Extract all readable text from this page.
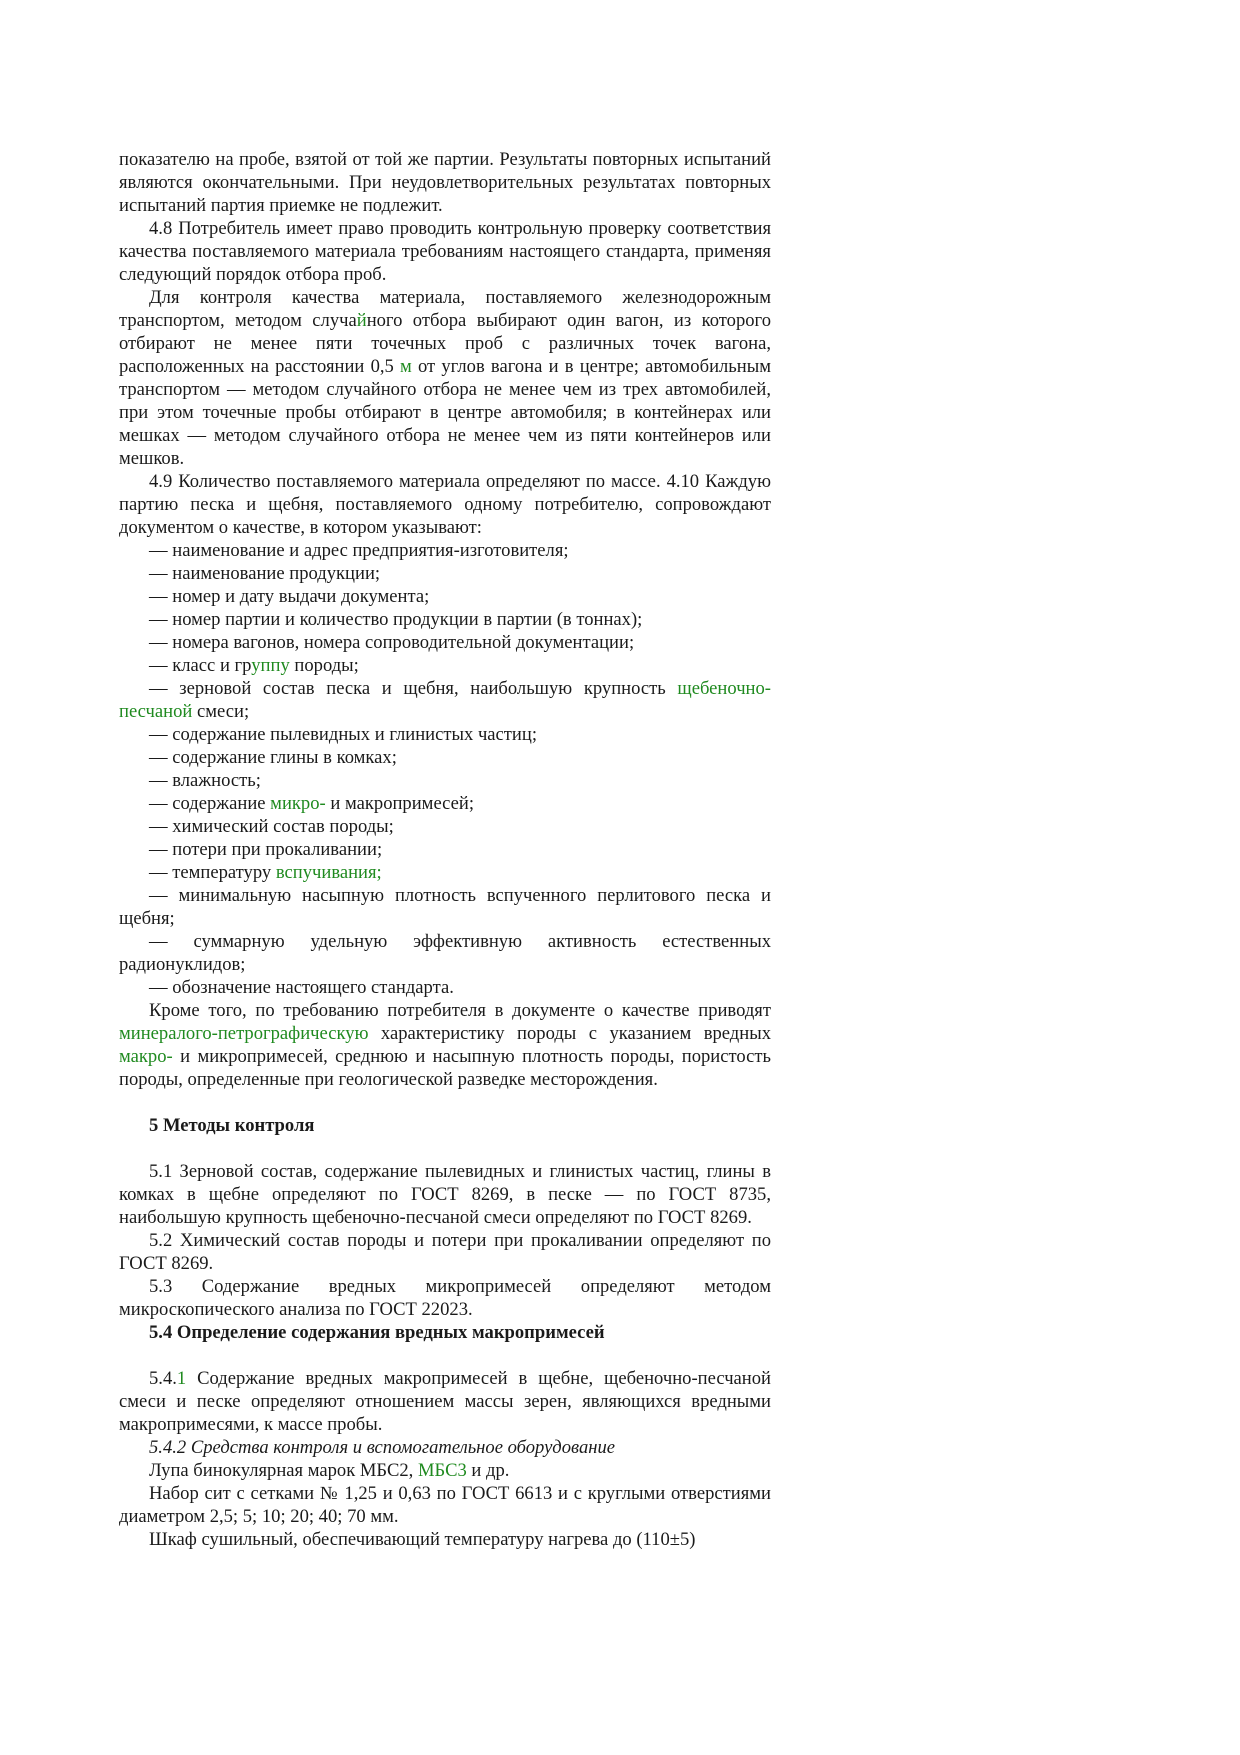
показателю на пробе, взятой от той же партии. Результаты повторных испытаний являются окончательными. При неудовлетворительных результатах повторных испытаний партия приемке не подлежит.

4.8 Потребитель имеет право проводить контрольную проверку соответствия качества поставляемого материала требованиям настоящего стандарта, применяя следующий порядок отбора проб.

Для контроля качества материала, поставляемого железнодорожным транспортом, методом случайного отбора выбирают один вагон, из которого отбирают не менее пяти точечных проб с различных точек вагона, расположенных на расстоянии 0,5 м от углов вагона и в центре; автомобильным транспортом — методом случайного отбора не менее чем из трех автомобилей, при этом точечные пробы отбирают в центре автомобиля; в контейнерах или мешках — методом случайного отбора не менее чем из пяти контейнеров или мешков.

4.9 Количество поставляемого материала определяют по массе. 4.10 Каждую партию песка и щебня, поставляемого одному потребителю, сопровождают документом о качестве, в котором указывают:

— наименование и адрес предприятия-изготовителя;

— наименование продукции;

— номер и дату выдачи документа;

— номер партии и количество продукции в партии (в тоннах);

— номера вагонов, номера сопроводительной документации;

— класс и группу породы;

— зерновой состав песка и щебня, наибольшую крупность щебеночно-песчаной смеси;

— содержание пылевидных и глинистых частиц;

— содержание глины в комках;

— влажность;

— содержание микро- и макропримесей;

— химический состав породы;

— потери при прокаливании;

— температуру вспучивания;

— минимальную насыпную плотность вспученного перлитового песка и щебня;

— суммарную удельную эффективную активность естественных радионуклидов;

— обозначение настоящего стандарта.

Кроме того, по требованию потребителя в документе о качестве приводят минералого-петрографическую характеристику породы с указанием вредных макро- и микропримесей, среднюю и насыпную плотность породы, пористость породы, определенные при геологической разведке месторождения.

5 Методы контроля

5.1 Зерновой состав, содержание пылевидных и глинистых частиц, глины в комках в щебне определяют по ГОСТ 8269, в песке — по ГОСТ 8735, наибольшую крупность щебеночно-песчаной смеси определяют по ГОСТ 8269.

5.2 Химический состав породы и потери при прокаливании определяют по ГОСТ 8269.

5.3 Содержание вредных микропримесей определяют методом микроскопического анализа по ГОСТ 22023.

5.4 Определение содержания вредных макропримесей

5.4.1 Содержание вредных макропримесей в щебне, щебеночно-песчаной смеси и песке определяют отношением массы зерен, являющихся вредными макропримесями, к массе пробы.

5.4.2 Средства контроля и вспомогательное оборудование

Лупа бинокулярная марок МБС2, МБС3 и др.

Набор сит с сетками № 1,25 и 0,63 по ГОСТ 6613 и с круглыми отверстиями диаметром 2,5; 5; 10; 20; 40; 70 мм.

Шкаф сушильный, обеспечивающий температуру нагрева до (110±5)
